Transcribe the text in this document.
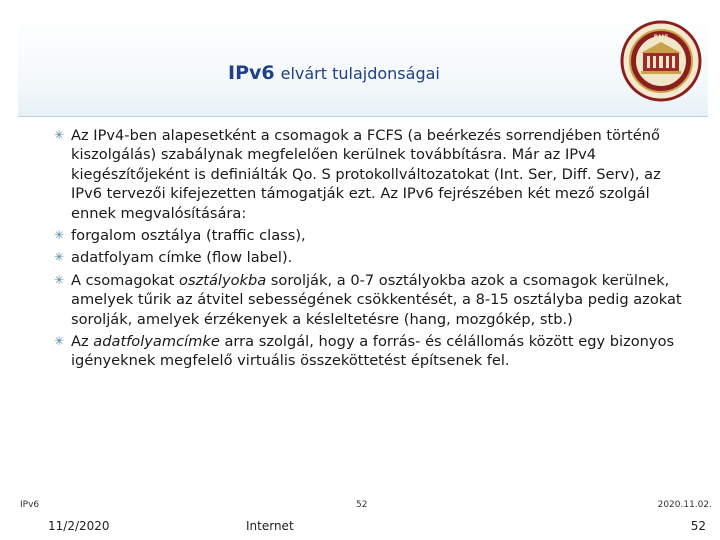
IPv6 elvárt tulajdonságai
BME
1782
✳ Az IPv4-ben alapesetként a csomagok a FCFS (a beérkezés sorrendjében történő kiszolgálás) szabálynak megfelelően kerülnek továbbításra. Már az IPv4 kiegészítőjeként is definiálták Qo. S protokollváltozatokat (Int. Ser, Diff. Serv), az IPv6 tervezői kifejezetten támogatják ezt. Az IPv6 fejrészében két mező szolgál ennek megvalósítására:
✳ forgalom osztálya (traffic class),
✳ adatfolyam címke (flow label).
✳ A csomagokat osztályokba sorolják, a 0-7 osztályokba azok a csomagok kerülnek, amelyek tűrik az átvitel sebességének csökkentését, a 8-15 osztályba pedig azokat sorolják, amelyek érzékenyek a késleltetésre (hang, mozgókép, stb.)
✳ Az adatfolyamcímke arra szolgál, hogy a forrás- és célállomás között egy bizonyos igényeknek megfelelő virtuális összeköttetést építsenek fel.
IPv6	52	2020.11.02.
11/2/2020	Internet	52
